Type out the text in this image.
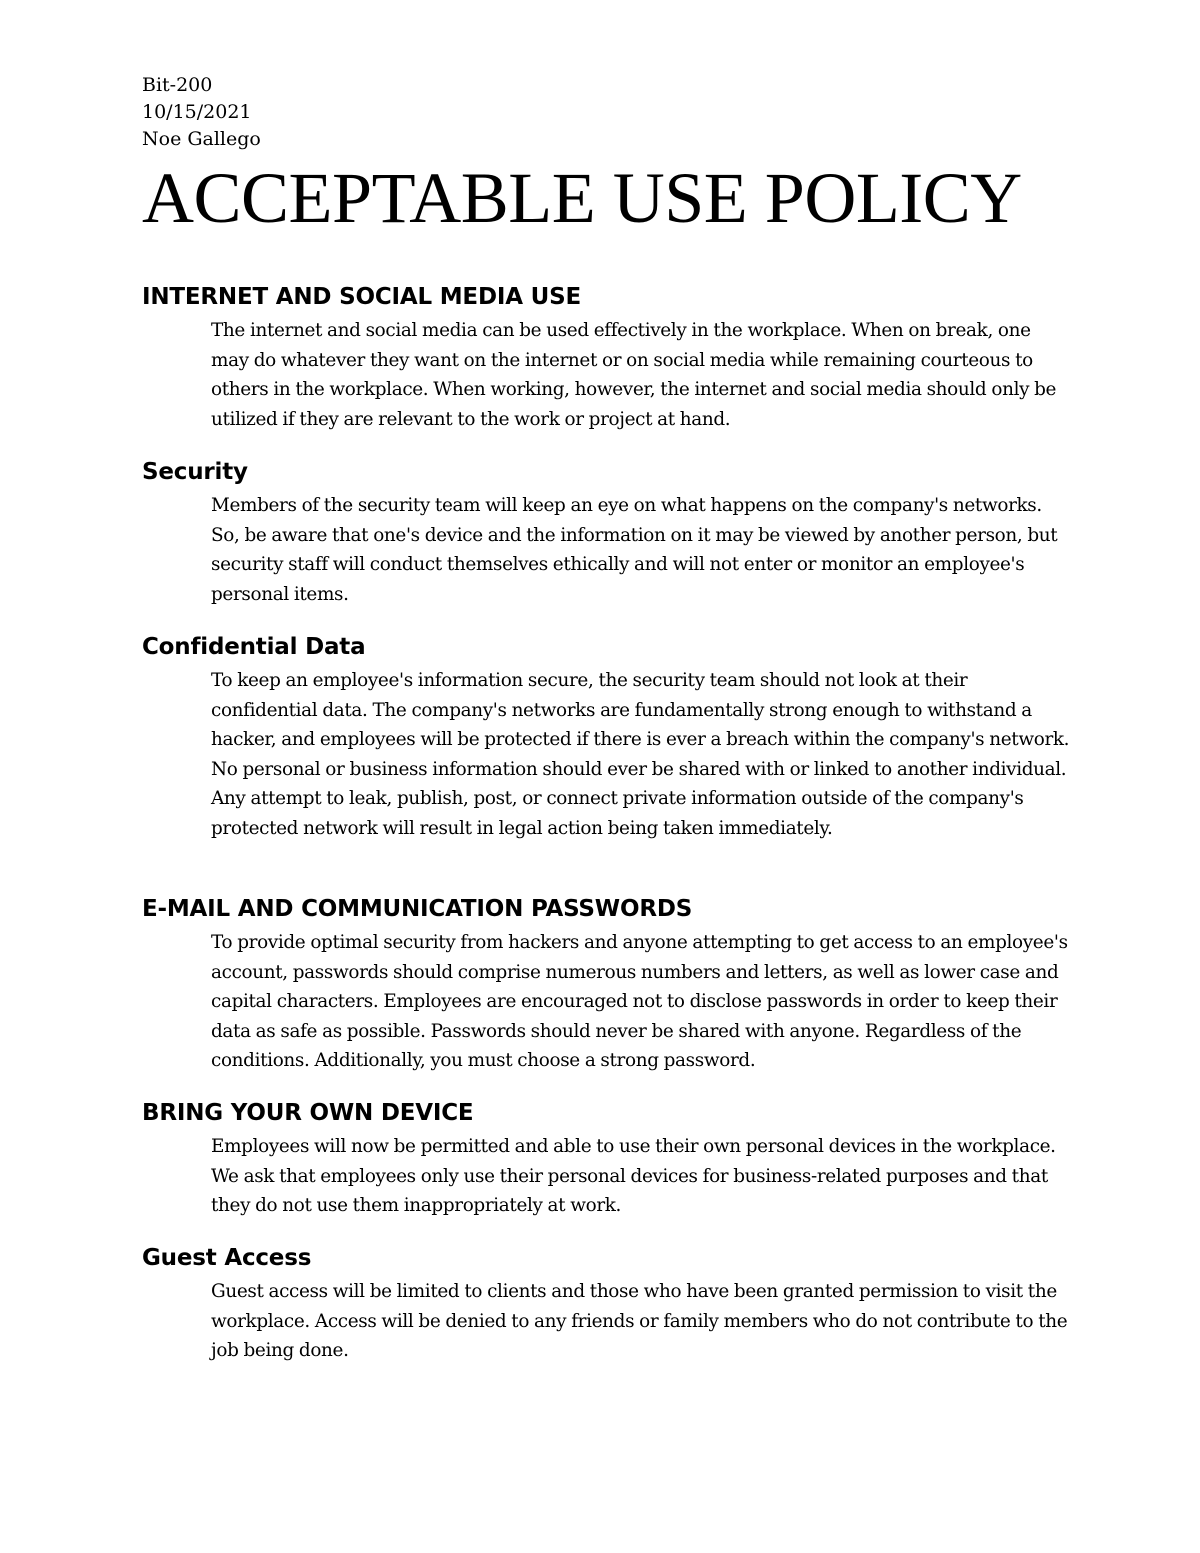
Bit-200
10/15/2021
Noe Gallego
ACCEPTABLE USE POLICY
INTERNET AND SOCIAL MEDIA USE

The internet and social media can be used effectively in the workplace. When on break, one may do whatever they want on the internet or on social media while remaining courteous to others in the workplace. When working, however, the internet and social media should only be utilized if they are relevant to the work or project at hand.

Security

Members of the security team will keep an eye on what happens on the company's networks. So, be aware that one's device and the information on it may be viewed by another person, but security staff will conduct themselves ethically and will not enter or monitor an employee's personal items.

Confidential Data

To keep an employee's information secure, the security team should not look at their confidential data. The company's networks are fundamentally strong enough to withstand a hacker, and employees will be protected if there is ever a breach within the company's network. No personal or business information should ever be shared with or linked to another individual. Any attempt to leak, publish, post, or connect private information outside of the company's protected network will result in legal action being taken immediately.

E-MAIL AND COMMUNICATION PASSWORDS

To provide optimal security from hackers and anyone attempting to get access to an employee's account, passwords should comprise numerous numbers and letters, as well as lower case and capital characters. Employees are encouraged not to disclose passwords in order to keep their data as safe as possible. Passwords should never be shared with anyone. Regardless of the conditions. Additionally, you must choose a strong password.

BRING YOUR OWN DEVICE

Employees will now be permitted and able to use their own personal devices in the workplace. We ask that employees only use their personal devices for business-related purposes and that they do not use them inappropriately at work.

Guest Access

Guest access will be limited to clients and those who have been granted permission to visit the workplace. Access will be denied to any friends or family members who do not contribute to the job being done.
